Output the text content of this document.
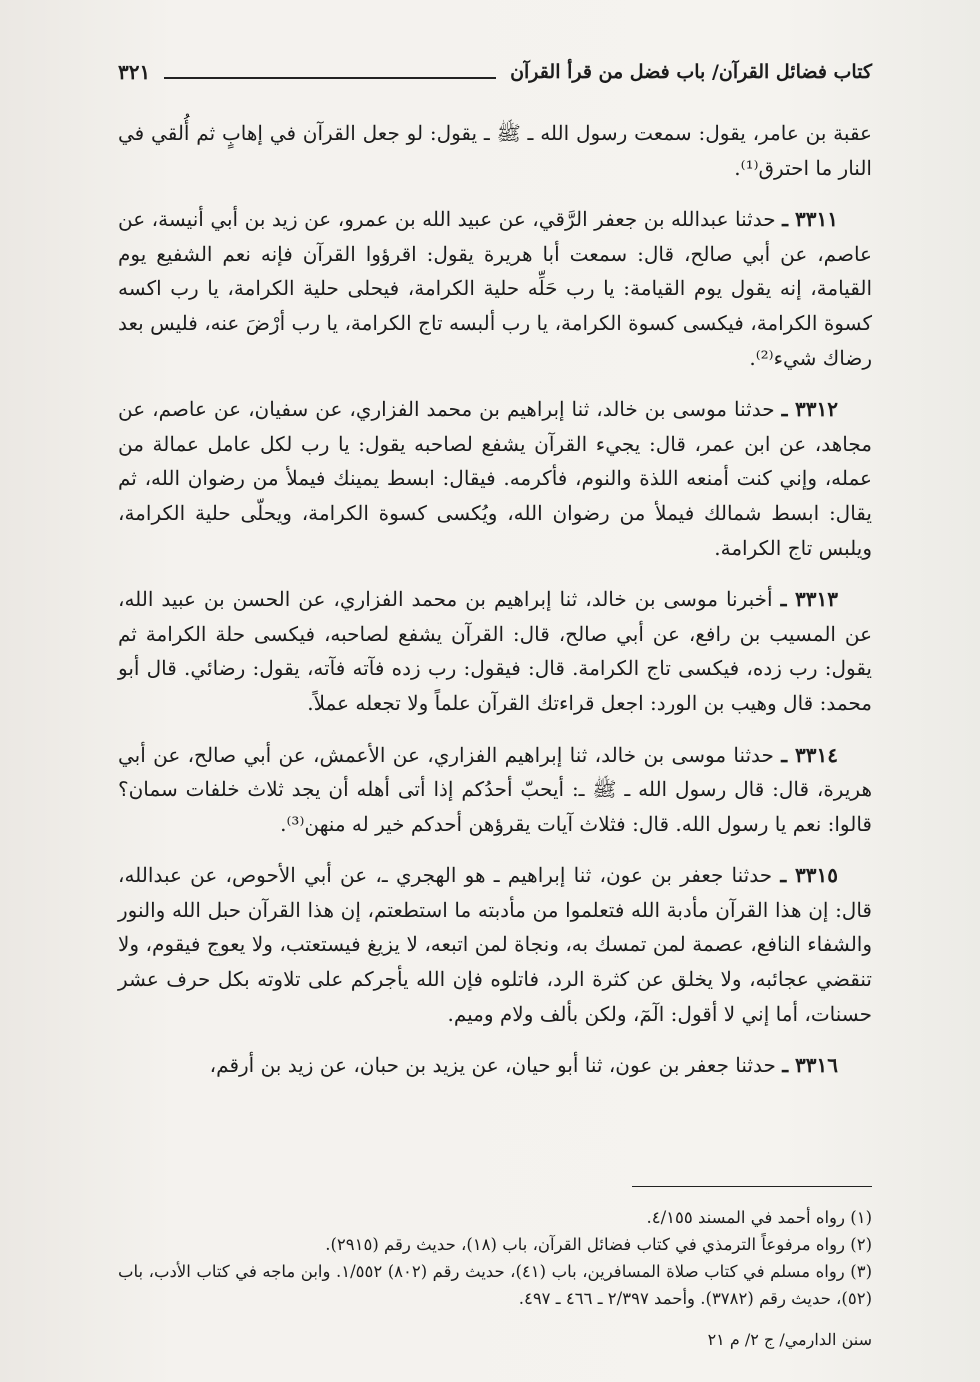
كتاب فضائل القرآن/ باب فضل من قرأ القرآن
٣٢١

عقبة بن عامر، يقول: سمعت رسول الله ـ ﷺ ـ يقول: لو جعل القرآن في إهابٍ ثم أُلقي في النار ما احترق⁽¹⁾.

٣٣١١ ـ حدثنا عبدالله بن جعفر الرَّقي، عن عبيد الله بن عمرو، عن زيد بن أبي أنيسة، عن عاصم، عن أبي صالح، قال: سمعت أبا هريرة يقول: اقرؤوا القرآن فإنه نعم الشفيع يوم القيامة، إنه يقول يوم القيامة: يا رب حَلِّه حلية الكرامة، فيحلى حلية الكرامة، يا رب اكسه كسوة الكرامة، فيكسى كسوة الكرامة، يا رب ألبسه تاج الكرامة، يا رب أرْضَ عنه، فليس بعد رضاك شيء⁽²⁾.

٣٣١٢ ـ حدثنا موسى بن خالد، ثنا إبراهيم بن محمد الفزاري، عن سفيان، عن عاصم، عن مجاهد، عن ابن عمر، قال: يجيء القرآن يشفع لصاحبه يقول: يا رب لكل عامل عمالة من عمله، وإني كنت أمنعه اللذة والنوم، فأكرمه. فيقال: ابسط يمينك فيملأ من رضوان الله، ثم يقال: ابسط شمالك فيملأ من رضوان الله، ويُكسى كسوة الكرامة، ويحلّى حلية الكرامة، ويلبس تاج الكرامة.

٣٣١٣ ـ أخبرنا موسى بن خالد، ثنا إبراهيم بن محمد الفزاري، عن الحسن بن عبيد الله، عن المسيب بن رافع، عن أبي صالح، قال: القرآن يشفع لصاحبه، فيكسى حلة الكرامة ثم يقول: رب زده، فيكسى تاج الكرامة. قال: فيقول: رب زده فآته فآته، يقول: رضائي. قال أبو محمد: قال وهيب بن الورد: اجعل قراءتك القرآن علماً ولا تجعله عملاً.

٣٣١٤ ـ حدثنا موسى بن خالد، ثنا إبراهيم الفزاري، عن الأعمش، عن أبي صالح، عن أبي هريرة، قال: قال رسول الله ـ ﷺ ـ: أيحبّ أحدُكم إذا أتى أهله أن يجد ثلاث خلفات سمان؟ قالوا: نعم يا رسول الله. قال: فثلاث آيات يقرؤهن أحدكم خير له منهن⁽³⁾.

٣٣١٥ ـ حدثنا جعفر بن عون، ثنا إبراهيم ـ هو الهجري ـ، عن أبي الأحوص، عن عبدالله، قال: إن هذا القرآن مأدبة الله فتعلموا من مأدبته ما استطعتم، إن هذا القرآن حبل الله والنور والشفاء النافع، عصمة لمن تمسك به، ونجاة لمن اتبعه، لا يزيغ فيستعتب، ولا يعوج فيقوم، ولا تنقضي عجائبه، ولا يخلق عن كثرة الرد، فاتلوه فإن الله يأجركم على تلاوته بكل حرف عشر حسنات، أما إني لا أقول: الٓمٓ، ولكن بألف ولام وميم.

٣٣١٦ ـ حدثنا جعفر بن عون، ثنا أبو حيان، عن يزيد بن حبان، عن زيد بن أرقم،

(١) رواه أحمد في المسند ٤/١٥٥.

(٢) رواه مرفوعاً الترمذي في كتاب فضائل القرآن، باب (١٨)، حديث رقم (٢٩١٥).

(٣) رواه مسلم في كتاب صلاة المسافرين، باب (٤١)، حديث رقم (٨٠٢) ١/٥٥٢. وابن ماجه في كتاب الأدب، باب (٥٢)، حديث رقم (٣٧٨٢). وأحمد ٢/٣٩٧ ـ ٤٦٦ ـ ٤٩٧.

سنن الدارمي/ ج ٢/ م ٢١
